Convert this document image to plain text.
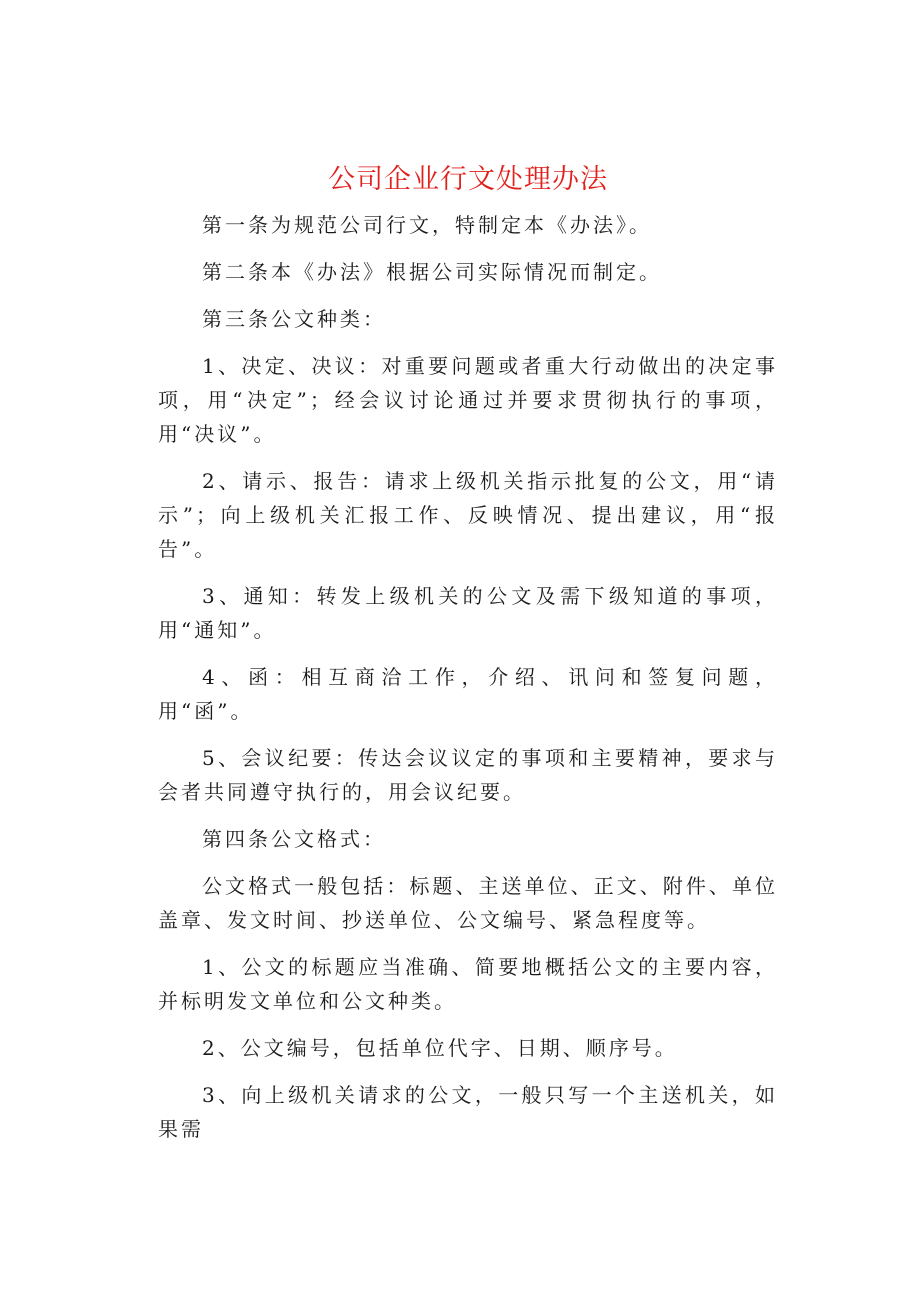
公司企业行文处理办法

第一条为规范公司行文，特制定本《办法》。

第二条本《办法》根据公司实际情况而制定。

第三条公文种类：

1、决定、决议：对重要问题或者重大行动做出的决定事项，用“决定”；经会议讨论通过并要求贯彻执行的事项，用“决议”。

2、请示、报告：请求上级机关指示批复的公文，用“请示”；向上级机关汇报工作、反映情况、提出建议，用“报告”。

3、通知：转发上级机关的公文及需下级知道的事项，用“通知”。

4、函：相互商洽工作，介绍、讯问和签复问题，用“函”。

5、会议纪要：传达会议议定的事项和主要精神，要求与会者共同遵守执行的，用会议纪要。

第四条公文格式：

公文格式一般包括：标题、主送单位、正文、附件、单位盖章、发文时间、抄送单位、公文编号、紧急程度等。

1、公文的标题应当准确、简要地概括公文的主要内容，并标明发文单位和公文种类。

2、公文编号，包括单位代字、日期、顺序号。

3、向上级机关请求的公文，一般只写一个主送机关，如果需
